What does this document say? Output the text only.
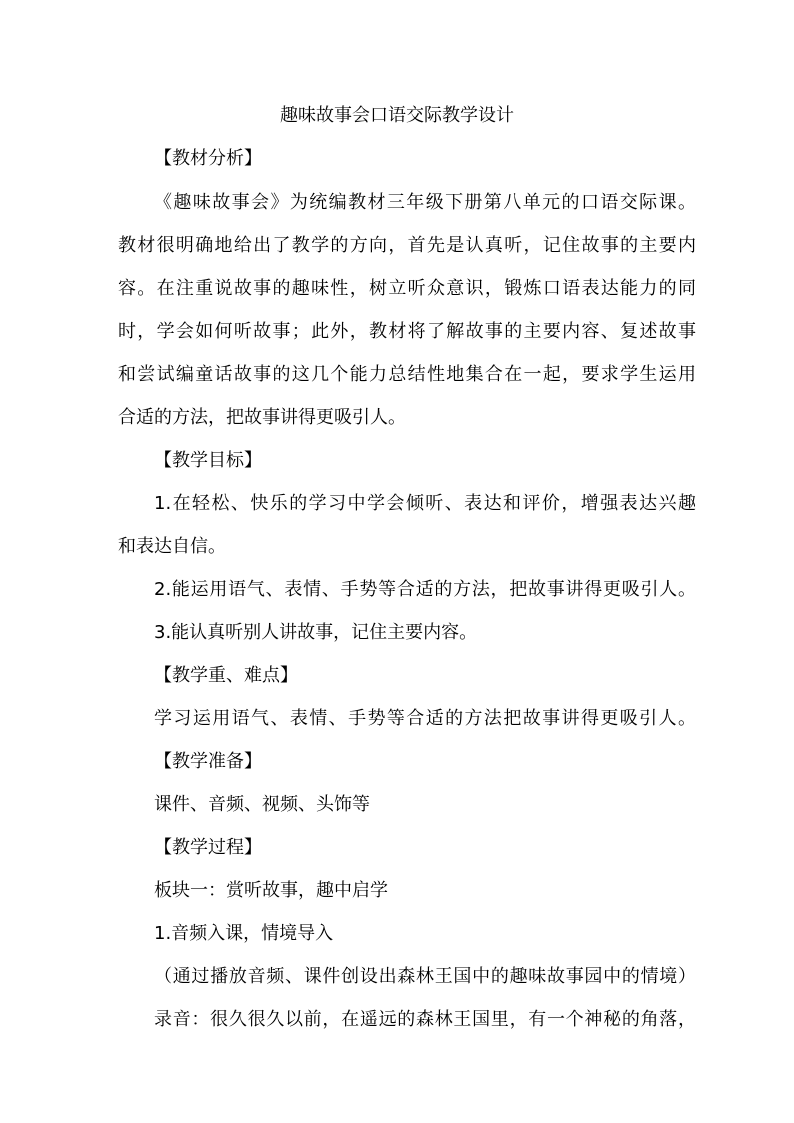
趣味故事会口语交际教学设计
【教材分析】
《趣味故事会》为统编教材三年级下册第八单元的口语交际课。
教材很明确地给出了教学的方向，首先是认真听，记住故事的主要内
容。在注重说故事的趣味性，树立听众意识，锻炼口语表达能力的同
时，学会如何听故事；此外，教材将了解故事的主要内容、复述故事
和尝试编童话故事的这几个能力总结性地集合在一起，要求学生运用
合适的方法，把故事讲得更吸引人。
【教学目标】
1.在轻松、快乐的学习中学会倾听、表达和评价，增强表达兴趣
和表达自信。
2.能运用语气、表情、手势等合适的方法，把故事讲得更吸引人。
3.能认真听别人讲故事，记住主要内容。
【教学重、难点】
学习运用语气、表情、手势等合适的方法把故事讲得更吸引人。
【教学准备】
课件、音频、视频、头饰等
【教学过程】
板块一：赏听故事，趣中启学
1.音频入课，情境导入
（通过播放音频、课件创设出森林王国中的趣味故事园中的情境）
录音：很久很久以前，在遥远的森林王国里，有一个神秘的角落，
